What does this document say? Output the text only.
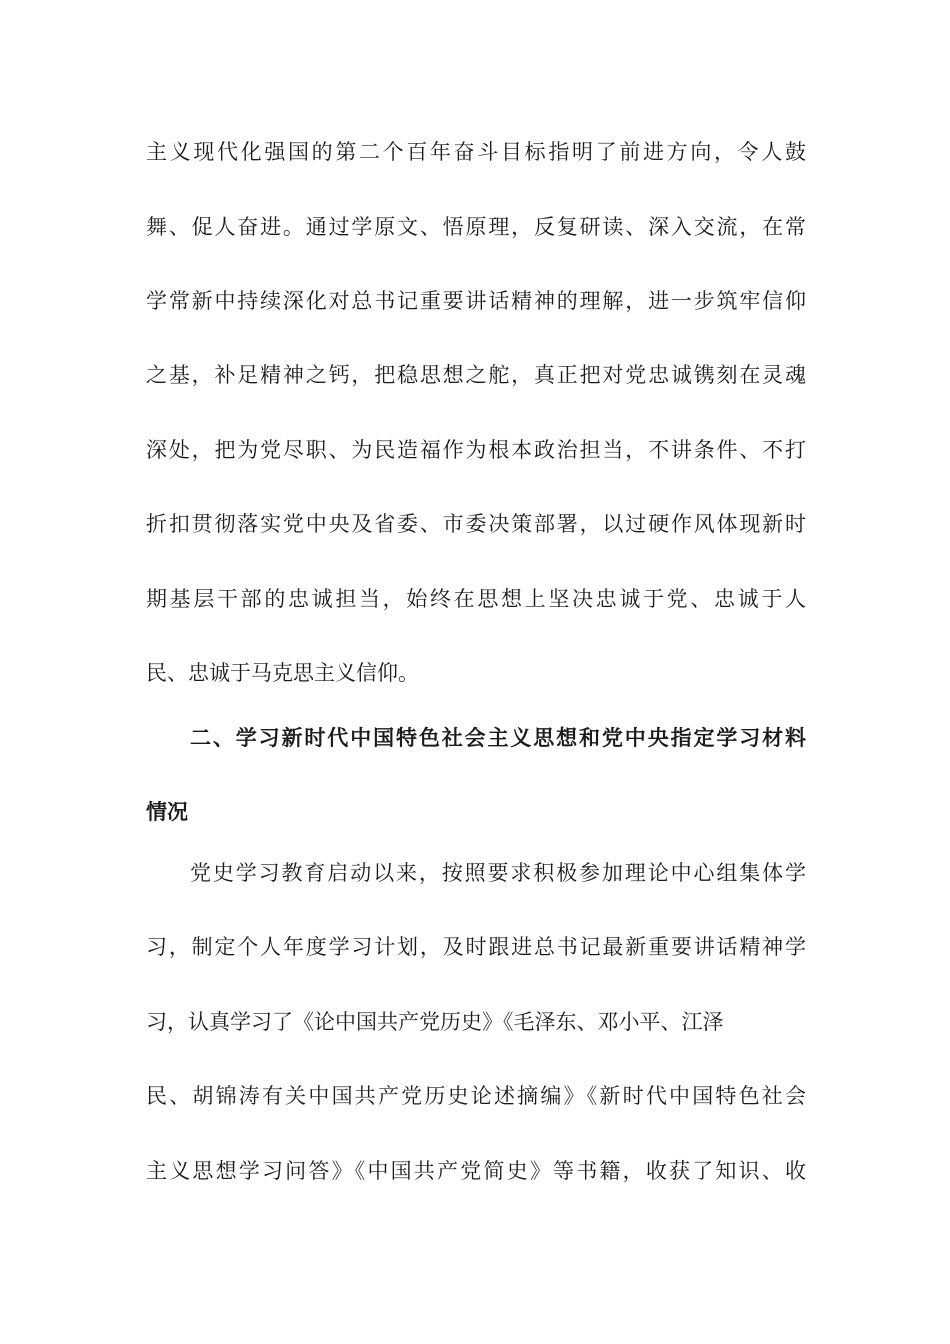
主义现代化强国的第二个百年奋斗目标指明了前进方向，令人鼓
舞、促人奋进。通过学原文、悟原理，反复研读、深入交流，在常
学常新中持续深化对总书记重要讲话精神的理解，进一步筑牢信仰
之基，补足精神之钙，把稳思想之舵，真正把对党忠诚镌刻在灵魂
深处，把为党尽职、为民造福作为根本政治担当，不讲条件、不打
折扣贯彻落实党中央及省委、市委决策部署，以过硬作风体现新时
期基层干部的忠诚担当，始终在思想上坚决忠诚于党、忠诚于人
民、忠诚于马克思主义信仰。
二、学习新时代中国特色社会主义思想和党中央指定学习材料
情况
党史学习教育启动以来，按照要求积极参加理论中心组集体学
习，制定个人年度学习计划，及时跟进总书记最新重要讲话精神学
习，认真学习了《论中国共产党历史》《毛泽东、邓小平、江泽
民、胡锦涛有关中国共产党历史论述摘编》《新时代中国特色社会
主义思想学习问答》《中国共产党简史》等书籍，收获了知识、收
